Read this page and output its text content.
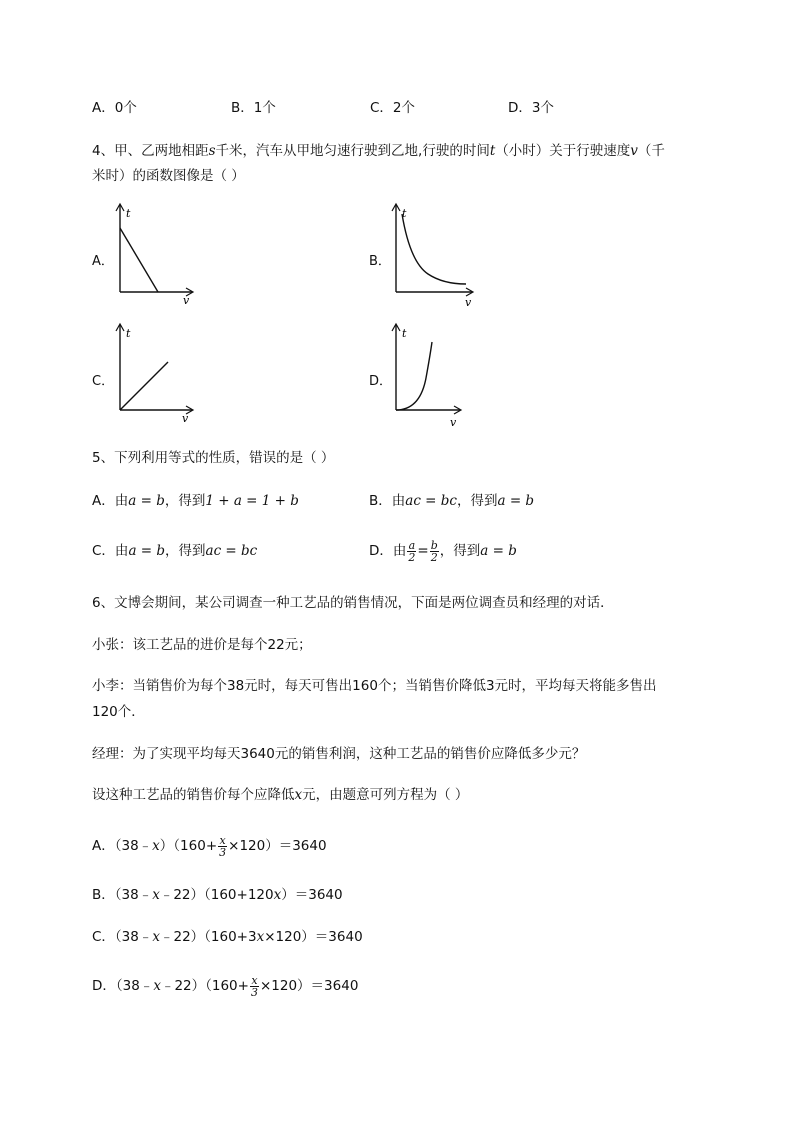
A．0个	B．1个	C．2个	D．3个
4、甲、乙两地相距s千米，汽车从甲地匀速行驶到乙地,行驶的时间t（小时）关于行驶速度v（千
米时）的函数图像是（ ）
A．	B．
C．	D．
t
v
t
v
t
v
t
v
5、下列利用等式的性质，错误的是（ ）
A．由a = b，得到1 + a = 1 + b	B．由ac = bc，得到a = b
C．由a = b，得到ac = bc	D．由 $\frac{a}{2} = \frac{b}{2}$ ，得到a = b
6、文博会期间，某公司调查一种工艺品的销售情况，下面是两位调查员和经理的对话．
小张：该工艺品的进价是每个22元；
小李：当销售价为每个38元时，每天可售出160个；当销售价降低3元时，平均每天将能多售出
120个．
经理：为了实现平均每天3640元的销售利润，这种工艺品的销售价应降低多少元？
设这种工艺品的销售价每个应降低x元，由题意可列方程为（ ）
A．（38﹣x）（160+ $\frac{x}{3} \times 120)=3640$
B．（38﹣x﹣22）（160+120x）＝3640
C．（38﹣x﹣22）（160+3x×120）＝3640
D．（38﹣x﹣22）（160+ $\frac{x}{3} \times 120)=3640$
